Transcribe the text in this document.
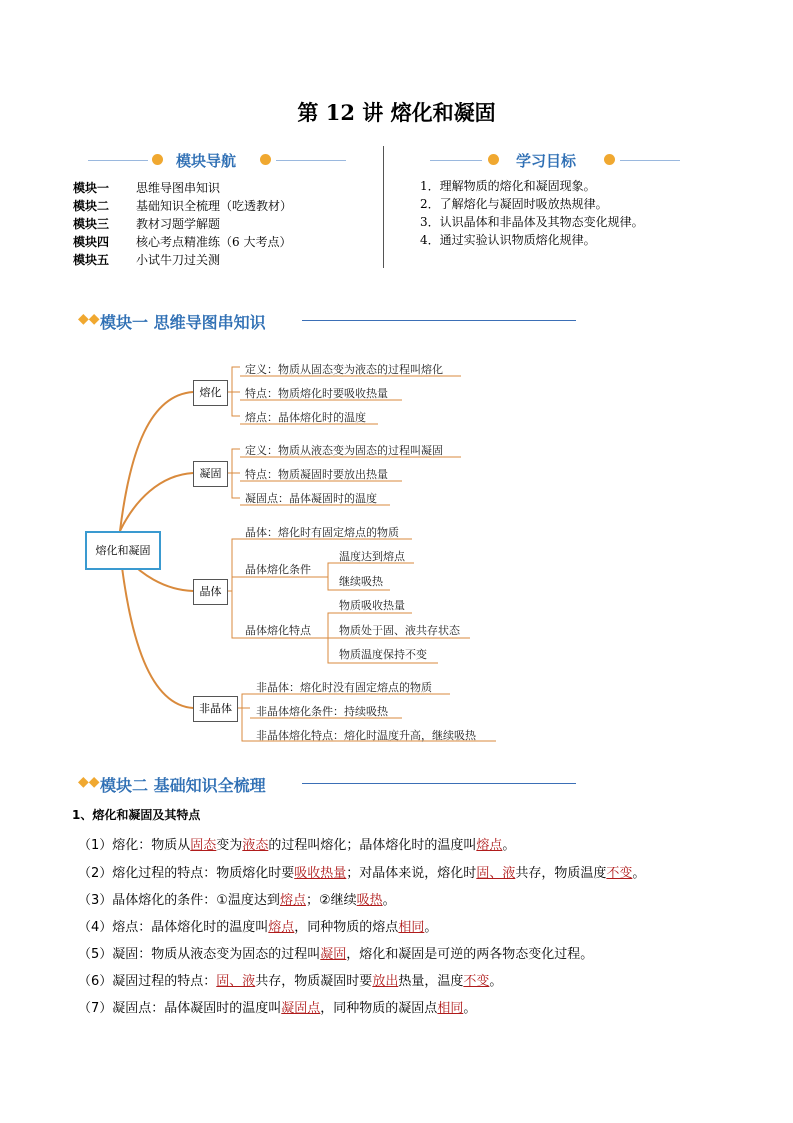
第 12 讲 熔化和凝固
模块导航
模块一 思维导图串知识
模块二 基础知识全梳理（吃透教材）
模块三 教材习题学解题
模块四 核心考点精准练（6 大考点）
模块五 小试牛刀过关测
学习目标
1．理解物质的熔化和凝固现象。
2．了解熔化与凝固时吸放热规律。
3．认识晶体和非晶体及其物态变化规律。
4．通过实验认识物质熔化规律。
◆◆ 模块一 思维导图串知识
熔化和凝固
熔化
凝固
晶体
非晶体
定义：物质从固态变为液态的过程叫熔化
特点：物质熔化时要吸收热量
熔点：晶体熔化时的温度
定义：物质从液态变为固态的过程叫凝固
特点：物质凝固时要放出热量
凝固点：晶体凝固时的温度
晶体：熔化时有固定熔点的物质
晶体熔化条件
晶体熔化特点
温度达到熔点
继续吸热
物质吸收热量
物质处于固、液共存状态
物质温度保持不变
非晶体：熔化时没有固定熔点的物质
非晶体熔化条件：持续吸热
非晶体熔化特点：熔化时温度升高，继续吸热
◆◆ 模块二 基础知识全梳理
1、熔化和凝固及其特点
（1）熔化：物质从固态变为液态的过程叫熔化；晶体熔化时的温度叫熔点。
（2）熔化过程的特点：物质熔化时要吸收热量；对晶体来说，熔化时固、液共存，物质温度不变。
（3）晶体熔化的条件：①温度达到熔点；②继续吸热。
（4）熔点：晶体熔化时的温度叫熔点，同种物质的熔点相同。
（5）凝固：物质从液态变为固态的过程叫凝固，熔化和凝固是可逆的两各物态变化过程。
（6）凝固过程的特点：固、液共存，物质凝固时要放出热量，温度不变。
（7）凝固点：晶体凝固时的温度叫凝固点，同种物质的凝固点相同。
